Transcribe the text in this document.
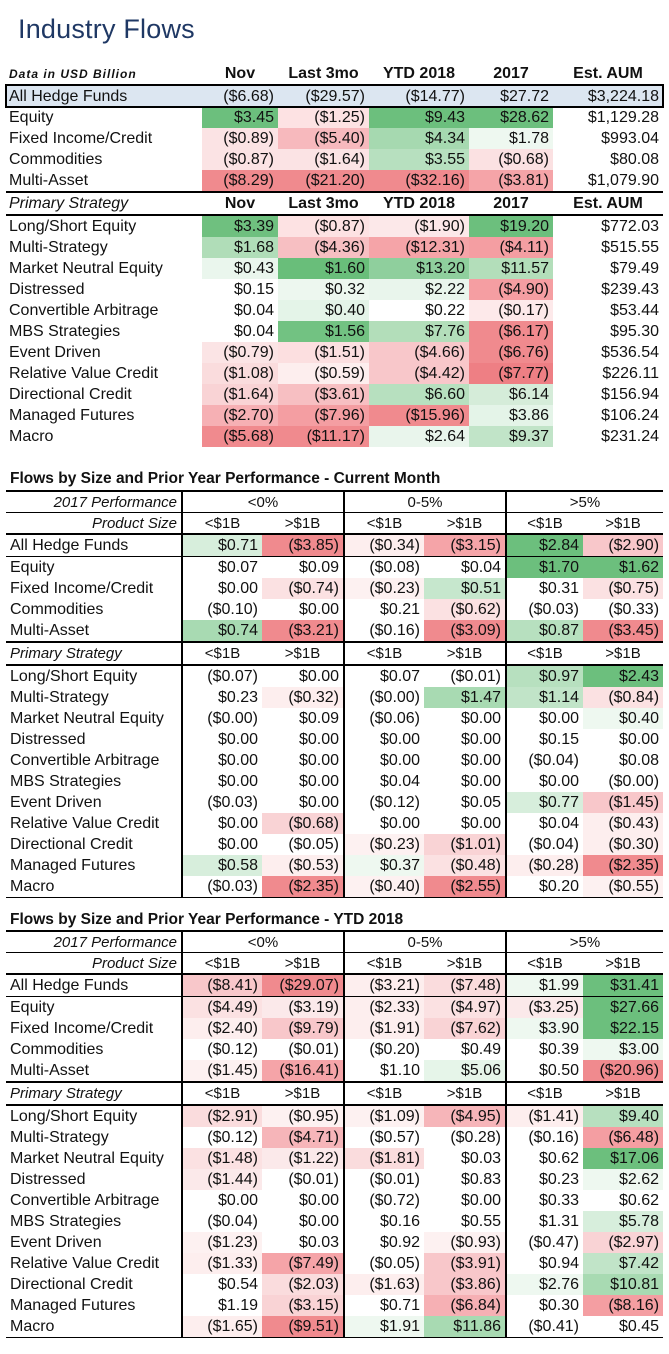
Industry Flows
Data in USD Billion	Nov	Last 3mo	YTD 2018	2017	Est. AUM
All Hedge Funds	($6.68)	($29.57)	($14.77)	$27.72	$3,224.18
Equity	$3.45	($1.25)	$9.43	$28.62	$1,129.28
Fixed Income/Credit	($0.89)	($5.40)	$4.34	$1.78	$993.04
Commodities	($0.87)	($1.64)	$3.55	($0.68)	$80.08
Multi-Asset	($8.29)	($21.20)	($32.16)	($3.81)	$1,079.90
Primary Strategy	Nov	Last 3mo	YTD 2018	2017	Est. AUM
Long/Short Equity	$3.39	($0.87)	($1.90)	$19.20	$772.03
Multi-Strategy	$1.68	($4.36)	($12.31)	($4.11)	$515.55
Market Neutral Equity	$0.43	$1.60	$13.20	$11.57	$79.49
Distressed	$0.15	$0.32	$2.22	($4.90)	$239.43
Convertible Arbitrage	$0.04	$0.40	$0.22	($0.17)	$53.44
MBS Strategies	$0.04	$1.56	$7.76	($6.17)	$95.30
Event Driven	($0.79)	($1.51)	($4.66)	($6.76)	$536.54
Relative Value Credit	($1.08)	($0.59)	($4.42)	($7.77)	$226.11
Directional Credit	($1.64)	($3.61)	$6.60	$6.14	$156.94
Managed Futures	($2.70)	($7.96)	($15.96)	$3.86	$106.24
Macro	($5.68)	($11.17)	$2.64	$9.37	$231.24
Flows by Size and Prior Year Performance - Current Month
2017 Performance	<0%		0-5%		>5%	
Product Size	<$1B	>$1B	<$1B	>$1B	<$1B	>$1B
All Hedge Funds	$0.71	($3.85)	($0.34)	($3.15)	$2.84	($2.90)
Equity	$0.07	$0.09	($0.08)	$0.04	$1.70	$1.62
Fixed Income/Credit	$0.00	($0.74)	($0.23)	$0.51	$0.31	($0.75)
Commodities	($0.10)	$0.00	$0.21	($0.62)	($0.03)	($0.33)
Multi-Asset	$0.74	($3.21)	($0.16)	($3.09)	$0.87	($3.45)
Primary Strategy	<$1B	>$1B	<$1B	>$1B	<$1B	>$1B
Long/Short Equity	($0.07)	$0.00	$0.07	($0.01)	$0.97	$2.43
Multi-Strategy	$0.23	($0.32)	($0.00)	$1.47	$1.14	($0.84)
Market Neutral Equity	($0.00)	$0.09	($0.06)	$0.00	$0.00	$0.40
Distressed	$0.00	$0.00	$0.00	$0.00	$0.15	$0.00
Convertible Arbitrage	$0.00	$0.00	$0.00	$0.00	($0.04)	$0.08
MBS Strategies	$0.00	$0.00	$0.04	$0.00	$0.00	($0.00)
Event Driven	($0.03)	$0.00	($0.12)	$0.05	$0.77	($1.45)
Relative Value Credit	$0.00	($0.68)	$0.00	$0.00	$0.04	($0.43)
Directional Credit	$0.00	($0.05)	($0.23)	($1.01)	($0.04)	($0.30)
Managed Futures	$0.58	($0.53)	$0.37	($0.48)	($0.28)	($2.35)
Macro	($0.03)	($2.35)	($0.40)	($2.55)	$0.20	($0.55)
Flows by Size and Prior Year Performance - YTD 2018
2017 Performance	<0%		0-5%		>5%	
Product Size	<$1B	>$1B	<$1B	>$1B	<$1B	>$1B
All Hedge Funds	($8.41)	($29.07)	($3.21)	($7.48)	$1.99	$31.41
Equity	($4.49)	($3.19)	($2.33)	($4.97)	($3.25)	$27.66
Fixed Income/Credit	($2.40)	($9.79)	($1.91)	($7.62)	$3.90	$22.15
Commodities	($0.12)	($0.01)	($0.20)	$0.49	$0.39	$3.00
Multi-Asset	($1.45)	($16.41)	$1.10	$5.06	$0.50	($20.96)
Primary Strategy	<$1B	>$1B	<$1B	>$1B	<$1B	>$1B
Long/Short Equity	($2.91)	($0.95)	($1.09)	($4.95)	($1.41)	$9.40
Multi-Strategy	($0.12)	($4.71)	($0.57)	($0.28)	($0.16)	($6.48)
Market Neutral Equity	($1.48)	($1.22)	($1.81)	$0.03	$0.62	$17.06
Distressed	($1.44)	($0.01)	($0.01)	$0.83	$0.23	$2.62
Convertible Arbitrage	$0.00	$0.00	($0.72)	$0.00	$0.33	$0.62
MBS Strategies	($0.04)	$0.00	$0.16	$0.55	$1.31	$5.78
Event Driven	($1.23)	$0.03	$0.92	($0.93)	($0.47)	($2.97)
Relative Value Credit	($1.33)	($7.49)	($0.05)	($3.91)	$0.94	$7.42
Directional Credit	$0.54	($2.03)	($1.63)	($3.86)	$2.76	$10.81
Managed Futures	$1.19	($3.15)	$0.71	($6.84)	$0.30	($8.16)
Macro	($1.65)	($9.51)	$1.91	$11.86	($0.41)	$0.45
